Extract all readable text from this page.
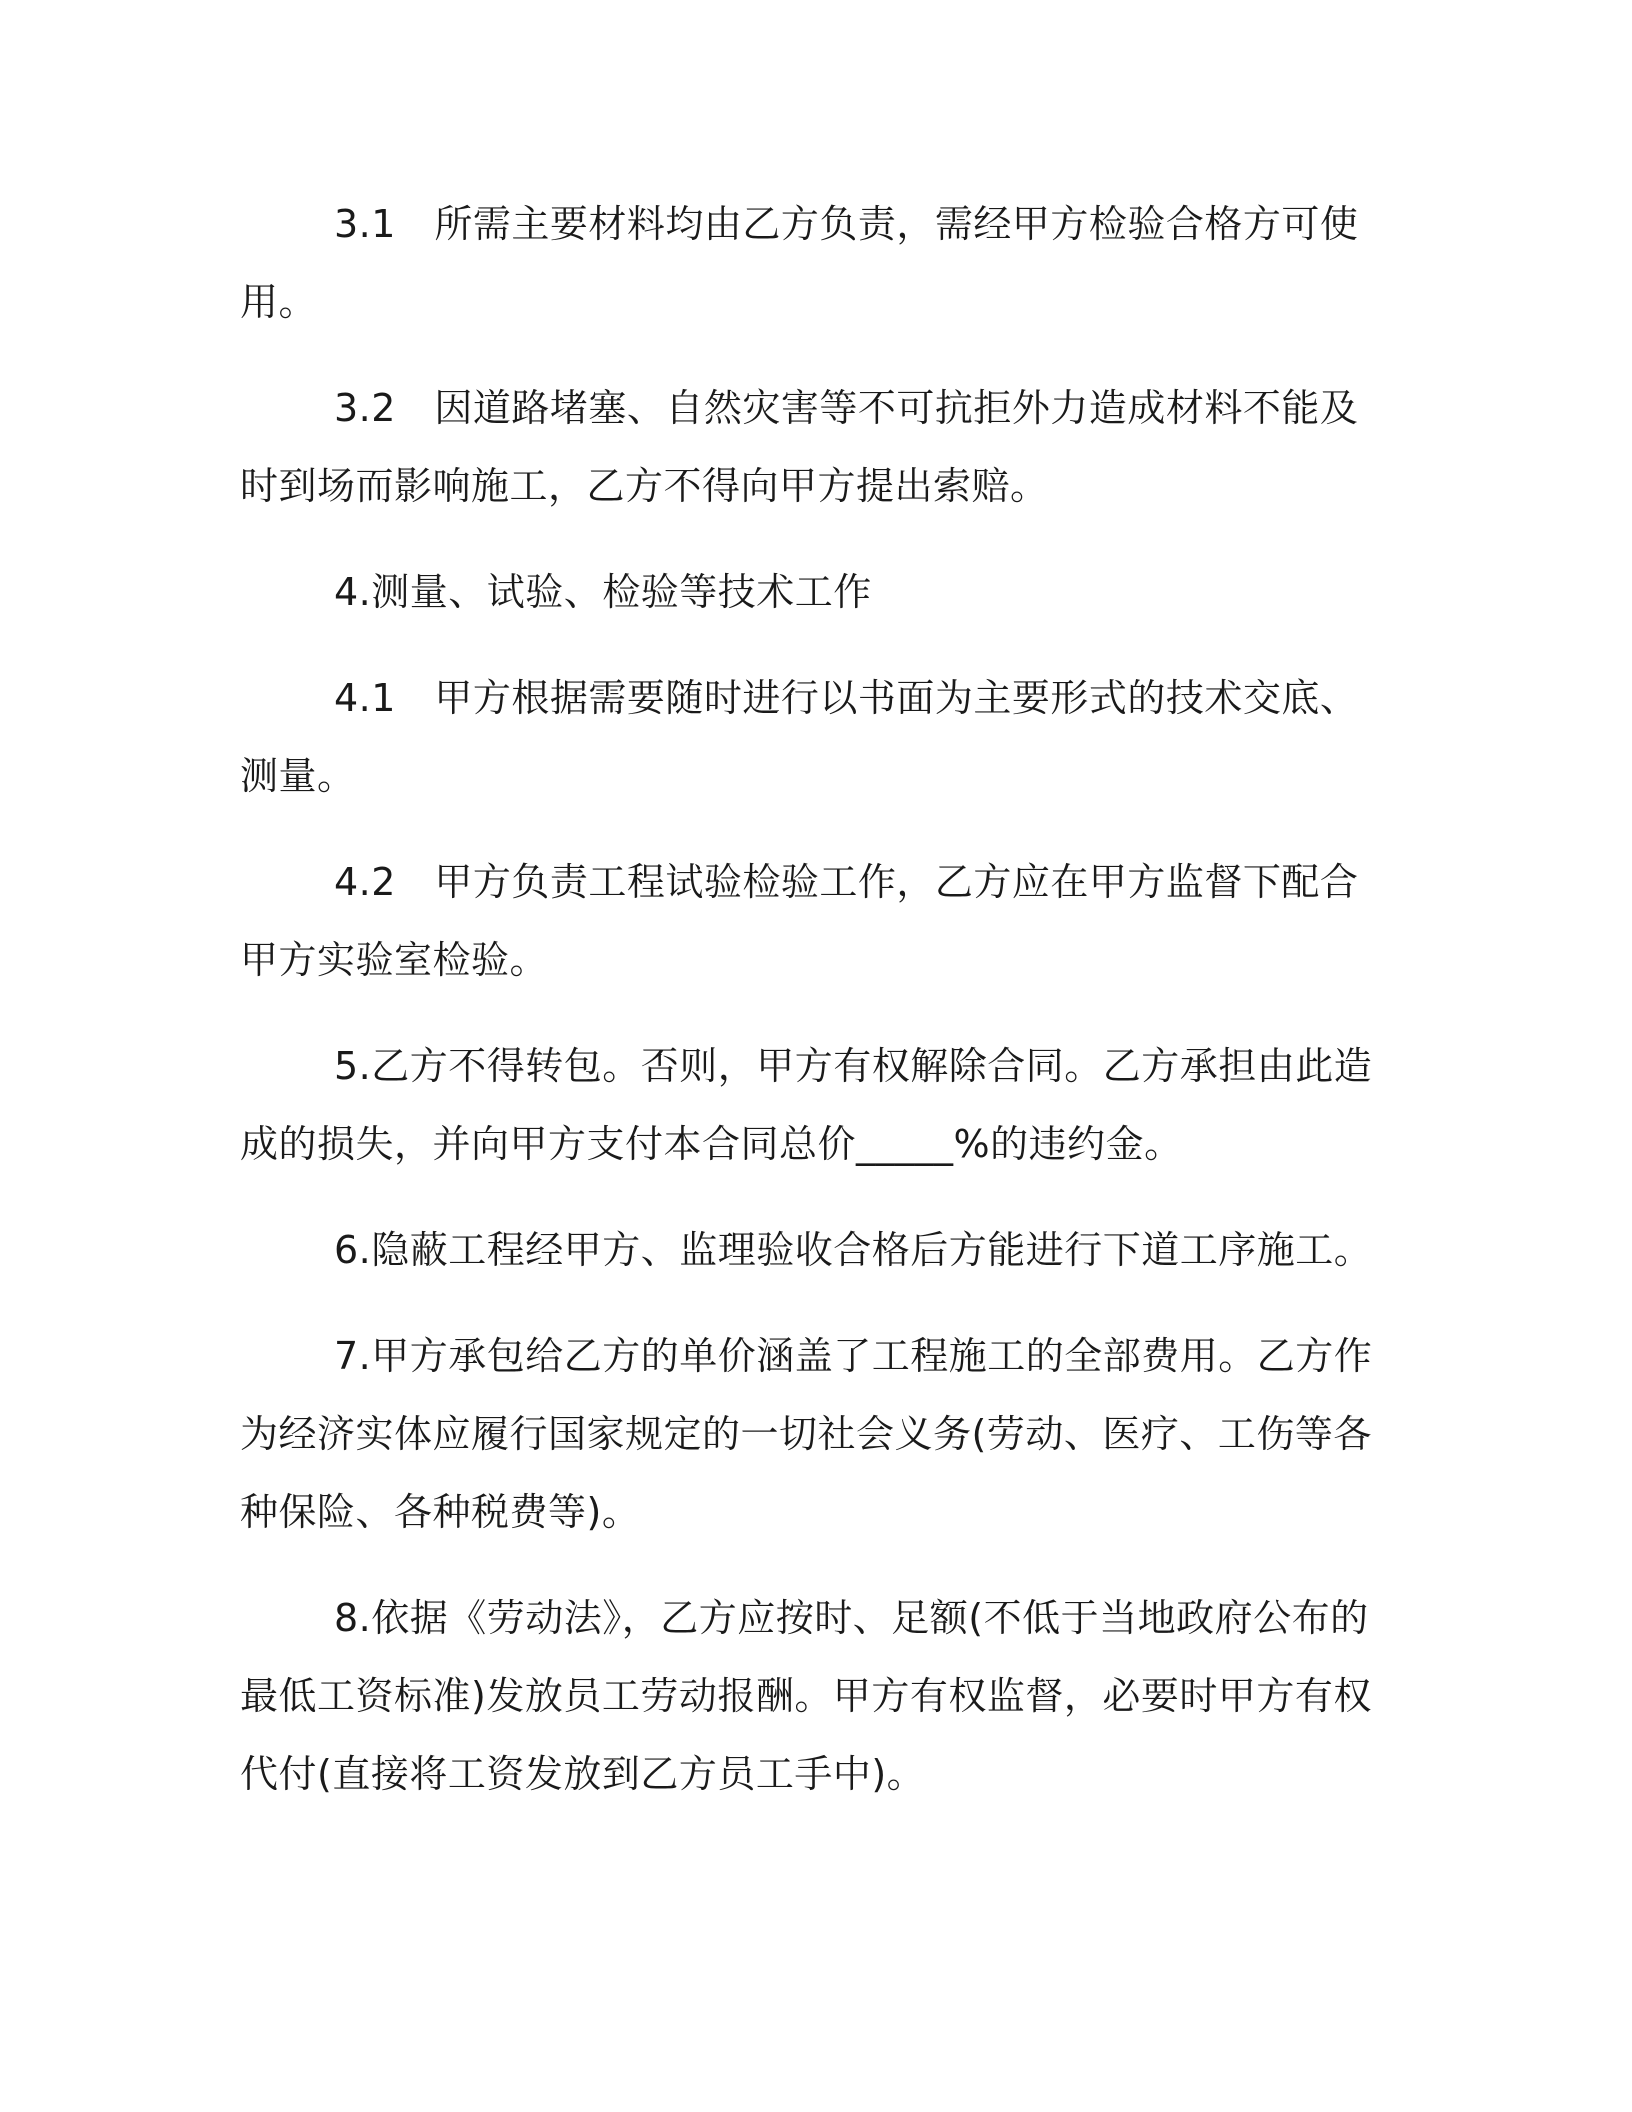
3.1　所需主要材料均由乙方负责，需经甲方检验合格方可使用。

3.2　因道路堵塞、自然灾害等不可抗拒外力造成材料不能及时到场而影响施工，乙方不得向甲方提出索赔。

4.测量、试验、检验等技术工作

4.1　甲方根据需要随时进行以书面为主要形式的技术交底、测量。

4.2　甲方负责工程试验检验工作，乙方应在甲方监督下配合甲方实验室检验。

5.乙方不得转包。否则，甲方有权解除合同。乙方承担由此造成的损失，并向甲方支付本合同总价_____%的违约金。

6.隐蔽工程经甲方、监理验收合格后方能进行下道工序施工。

7.甲方承包给乙方的单价涵盖了工程施工的全部费用。乙方作为经济实体应履行国家规定的一切社会义务(劳动、医疗、工伤等各种保险、各种税费等)。

8.依据《劳动法》，乙方应按时、足额(不低于当地政府公布的最低工资标准)发放员工劳动报酬。甲方有权监督，必要时甲方有权代付(直接将工资发放到乙方员工手中)。
